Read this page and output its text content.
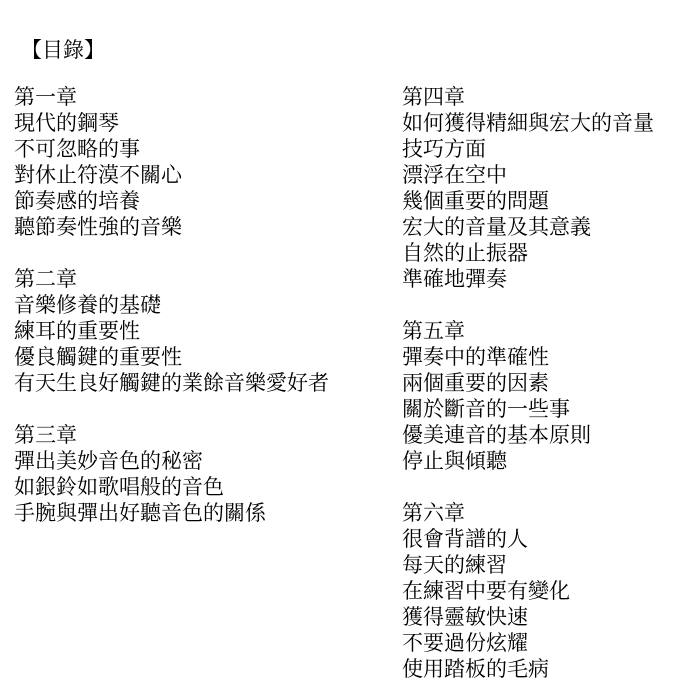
【目錄】
第一章
現代的鋼琴
不可忽略的事
對休止符漠不關心
節奏感的培養
聽節奏性強的音樂
第二章
音樂修養的基礎
練耳的重要性
優良觸鍵的重要性
有天生良好觸鍵的業餘音樂愛好者
第三章
彈出美妙音色的秘密
如銀鈴如歌唱般的音色
手腕與彈出好聽音色的關係
第四章
如何獲得精細與宏大的音量
技巧方面
漂浮在空中
幾個重要的問題
宏大的音量及其意義
自然的止振器
準確地彈奏
第五章
彈奏中的準確性
兩個重要的因素
關於斷音的一些事
優美連音的基本原則
停止與傾聽
第六章
很會背譜的人
每天的練習
在練習中要有變化
獲得靈敏快速
不要過份炫耀
使用踏板的毛病
